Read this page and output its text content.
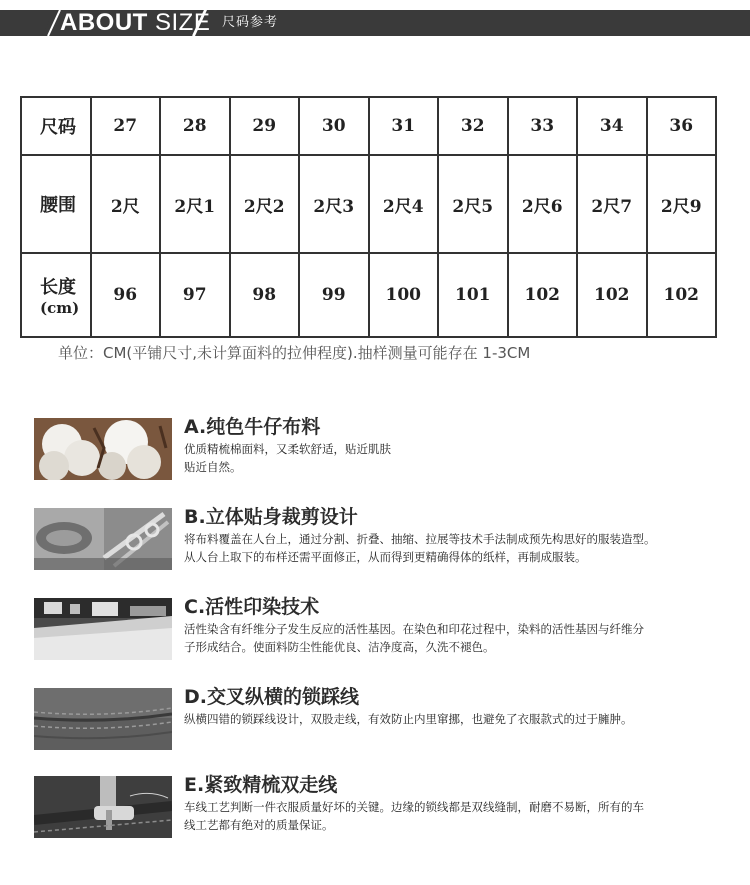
ABOUT SIZE 尺码参考
尺码	27	28	29	30	31	32	33	34	36
腰围	2尺	2尺1	2尺2	2尺3	2尺4	2尺5	2尺6	2尺7	2尺9

长度
(cm)	96	97	98	99	100	101	102	102	102
单位：CM(平铺尺寸,未计算面料的拉伸程度).抽样测量可能存在 1-3CM
A.纯色牛仔布料
优质精梳棉面料，又柔软舒适，贴近肌肤
贴近自然。
B.立体贴身裁剪设计
将布料覆盖在人台上，通过分割、折叠、抽缩、拉展等技术手法制成预先构思好的服装造型。
从人台上取下的布样还需平面修正，从而得到更精确得体的纸样，再制成服装。
C.活性印染技术
活性染含有纤维分子发生反应的活性基因。在染色和印花过程中，染料的活性基因与纤维分
子形成结合。使面料防尘性能优良、洁净度高，久洗不褪色。
D.交叉纵横的锁踩线
纵横四错的锁踩线设计，双股走线，有效防止内里窜挪，也避免了衣服款式的过于臃肿。
E.紧致精梳双走线
车线工艺判断一件衣服质量好坏的关键。边缘的锁线都是双线缝制，耐磨不易断，所有的车
线工艺都有绝对的质量保证。
